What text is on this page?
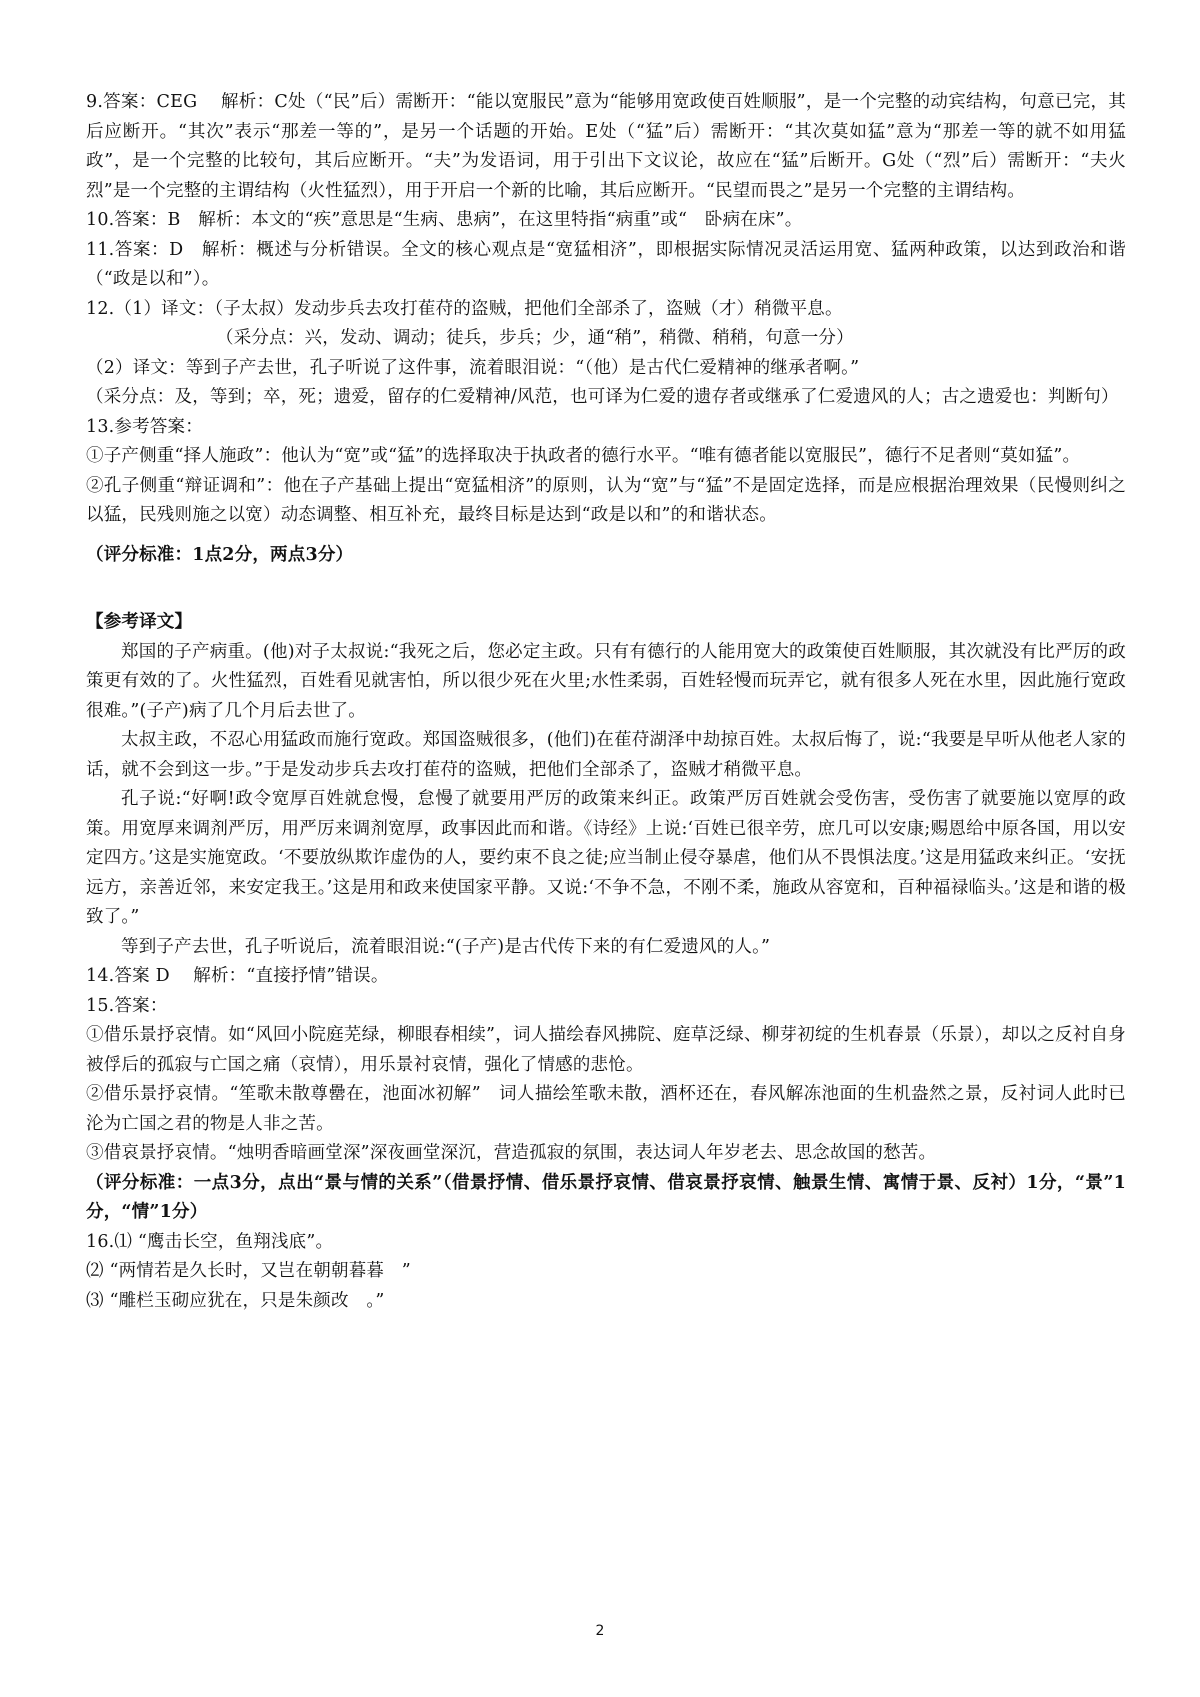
9.答案：CEG　 解析：C处（“民”后）需断开：“能以宽服民”意为“能够用宽政使百姓顺服”，是一个完整的动宾结构，句意已完，其后应断开。“其次”表示“那差一等的”，是另一个话题的开始。E处（“猛”后）需断开：“其次莫如猛”意为“那差一等的就不如用猛政”，是一个完整的比较句，其后应断开。“夫”为发语词，用于引出下文议论，故应在“猛”后断开。G处（“烈”后）需断开：“夫火烈”是一个完整的主谓结构（火性猛烈），用于开启一个新的比喻，其后应断开。“民望而畏之”是另一个完整的主谓结构。

10.答案：B　解析：本文的“疾”意思是“生病、患病”，在这里特指“病重”或“　卧病在床”。

11.答案：D　解析：概述与分析错误。全文的核心观点是“宽猛相济”，即根据实际情况灵活运用宽、猛两种政策，以达到政治和谐（“政是以和”）。

12.（1）译文：（子太叔）发动步兵去攻打萑苻的盗贼，把他们全部杀了，盗贼（才）稍微平息。

（采分点：兴，发动、调动；徒兵，步兵；少，通“稍”，稍微、稍稍，句意一分）

（2）译文：等到子产去世，孔子听说了这件事，流着眼泪说：“（他）是古代仁爱精神的继承者啊。”

（采分点：及，等到；卒，死；遗爱，留存的仁爱精神/风范，也可译为仁爱的遗存者或继承了仁爱遗风的人；古之遗爱也：判断句）

13.参考答案：

①子产侧重“择人施政”：他认为“宽”或“猛”的选择取决于执政者的德行水平。“唯有德者能以宽服民”，德行不足者则“莫如猛”。

②孔子侧重“辩证调和”：他在子产基础上提出“宽猛相济”的原则，认为“宽”与“猛”不是固定选择，而是应根据治理效果（民慢则纠之以猛，民残则施之以宽）动态调整、相互补充，最终目标是达到“政是以和”的和谐状态。

（评分标准：1点2分，两点3分）

【参考译文】

郑国的子产病重。(他)对子太叔说:“我死之后，您必定主政。只有有德行的人能用宽大的政策使百姓顺服，其次就没有比严厉的政策更有效的了。火性猛烈，百姓看见就害怕，所以很少死在火里;水性柔弱，百姓轻慢而玩弄它，就有很多人死在水里，因此施行宽政很难。”(子产)病了几个月后去世了。

太叔主政，不忍心用猛政而施行宽政。郑国盗贼很多，(他们)在萑苻湖泽中劫掠百姓。太叔后悔了，说:“我要是早听从他老人家的话，就不会到这一步。”于是发动步兵去攻打萑苻的盗贼，把他们全部杀了，盗贼才稍微平息。

孔子说:“好啊!政令宽厚百姓就怠慢，怠慢了就要用严厉的政策来纠正。政策严厉百姓就会受伤害，受伤害了就要施以宽厚的政策。用宽厚来调剂严厉，用严厉来调剂宽厚，政事因此而和谐。《诗经》上说:‘百姓已很辛劳，庶几可以安康;赐恩给中原各国，用以安定四方。’这是实施宽政。‘不要放纵欺诈虚伪的人，要约束不良之徒;应当制止侵夺暴虐，他们从不畏惧法度。’这是用猛政来纠正。‘安抚远方，亲善近邻，来安定我王。’这是用和政来使国家平静。又说:‘不争不急，不刚不柔，施政从容宽和，百种福禄临头。’这是和谐的极致了。”

等到子产去世，孔子听说后，流着眼泪说:“(子产)是古代传下来的有仁爱遗风的人。”

14.答案 D　 解析：“直接抒情”错误。

15.答案：

①借乐景抒哀情。如“风回小院庭芜绿，柳眼春相续”，词人描绘春风拂院、庭草泛绿、柳芽初绽的生机春景（乐景），却以之反衬自身被俘后的孤寂与亡国之痛（哀情），用乐景衬哀情，强化了情感的悲怆。

②借乐景抒哀情。“笙歌未散尊罍在，池面冰初解”　词人描绘笙歌未散，酒杯还在，春风解冻池面的生机盎然之景，反衬词人此时已沦为亡国之君的物是人非之苦。

③借哀景抒哀情。“烛明香暗画堂深”深夜画堂深沉，营造孤寂的氛围，表达词人年岁老去、思念故国的愁苦。

（评分标准：一点3分，点出“景与情的关系”（借景抒情、借乐景抒哀情、借哀景抒哀情、触景生情、寓情于景、反衬）1分，“景”1分，“情”1分）

16.⑴ “鹰击长空，鱼翔浅底”。

⑵ “两情若是久长时，又岂在朝朝暮暮　”

⑶ “雕栏玉砌应犹在，只是朱颜改　。”

2
